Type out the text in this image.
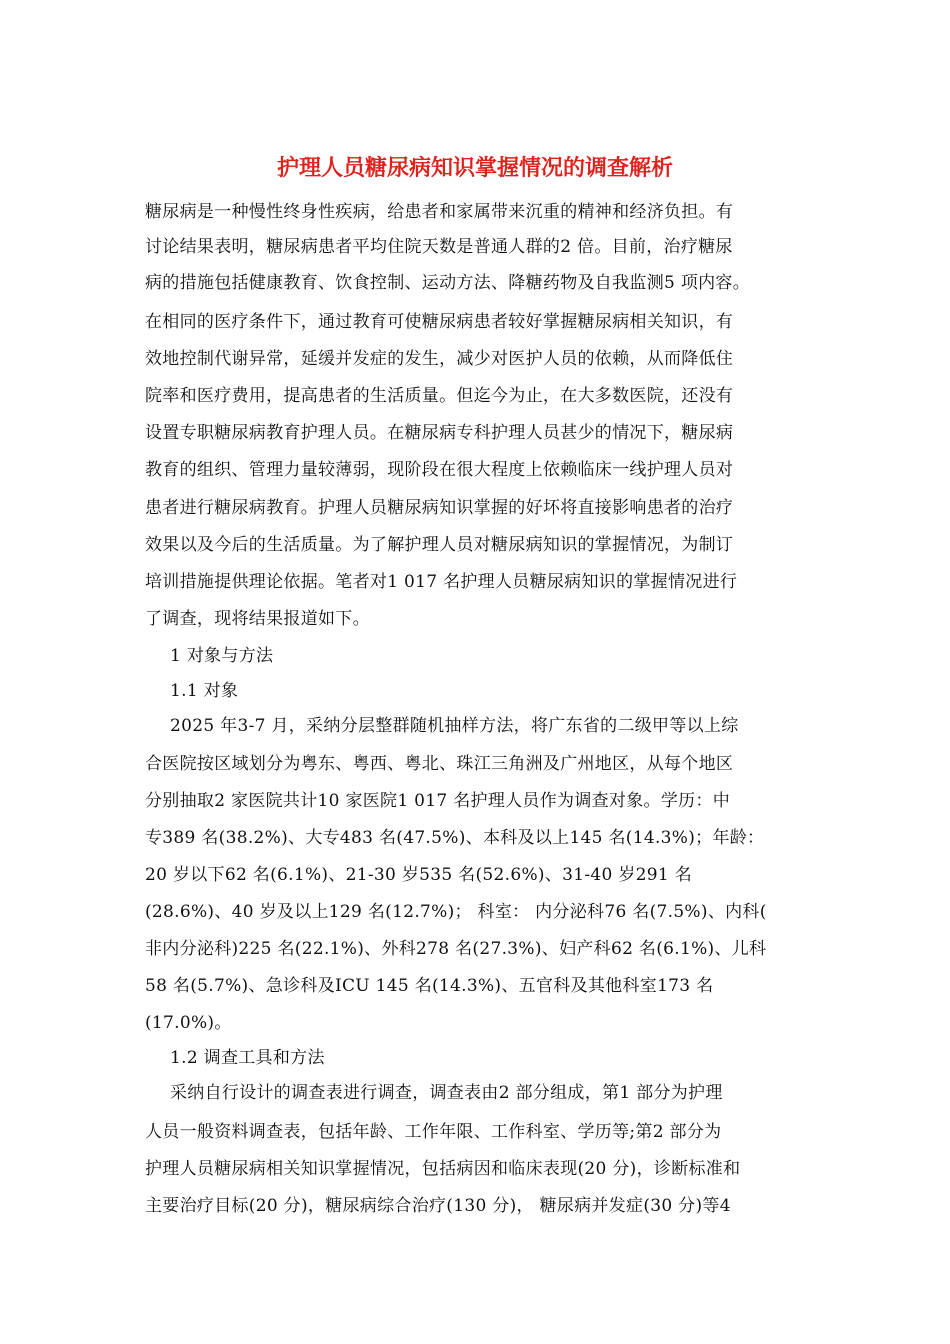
护理人员糖尿病知识掌握情况的调查解析
糖尿病是一种慢性终身性疾病，给患者和家属带来沉重的精神和经济负担。有
讨论结果表明，糖尿病患者平均住院天数是普通人群的2 倍。目前，治疗糖尿
病的措施包括健康教育、饮食控制、运动方法、降糖药物及自我监测5 项内容。
在相同的医疗条件下，通过教育可使糖尿病患者较好掌握糖尿病相关知识，有
效地控制代谢异常，延缓并发症的发生，减少对医护人员的依赖，从而降低住
院率和医疗费用，提高患者的生活质量。但迄今为止，在大多数医院，还没有
设置专职糖尿病教育护理人员。在糖尿病专科护理人员甚少的情况下，糖尿病
教育的组织、管理力量较薄弱，现阶段在很大程度上依赖临床一线护理人员对
患者进行糖尿病教育。护理人员糖尿病知识掌握的好坏将直接影响患者的治疗
效果以及今后的生活质量。为了解护理人员对糖尿病知识的掌握情况，为制订
培训措施提供理论依据。笔者对1 017 名护理人员糖尿病知识的掌握情况进行
了调查，现将结果报道如下。
1 对象与方法
1.1 对象
2025 年3-7 月，采纳分层整群随机抽样方法，将广东省的二级甲等以上综
合医院按区域划分为粤东、粤西、粤北、珠江三角洲及广州地区，从每个地区
分别抽取2 家医院共计10 家医院1 017 名护理人员作为调查对象。学历：中
专389 名(38.2%)、大专483 名(47.5%)、本科及以上145 名(14.3%)；年龄：
20 岁以下62 名(6.1%)、21-30 岁535 名(52.6%)、31-40 岁291 名
(28.6%)、40 岁及以上129 名(12.7%)； 科室： 内分泌科76 名(7.5%)、内科(
非内分泌科)225 名(22.1%)、外科278 名(27.3%)、妇产科62 名(6.1%)、儿科
58 名(5.7%)、急诊科及ICU 145 名(14.3%)、五官科及其他科室173 名
(17.0%)。
1.2 调查工具和方法
采纳自行设计的调查表进行调查，调查表由2 部分组成，第1 部分为护理
人员一般资料调查表，包括年龄、工作年限、工作科室、学历等;第2 部分为
护理人员糖尿病相关知识掌握情况，包括病因和临床表现(20 分)，诊断标准和
主要治疗目标(20 分)，糖尿病综合治疗(130 分)， 糖尿病并发症(30 分)等4
